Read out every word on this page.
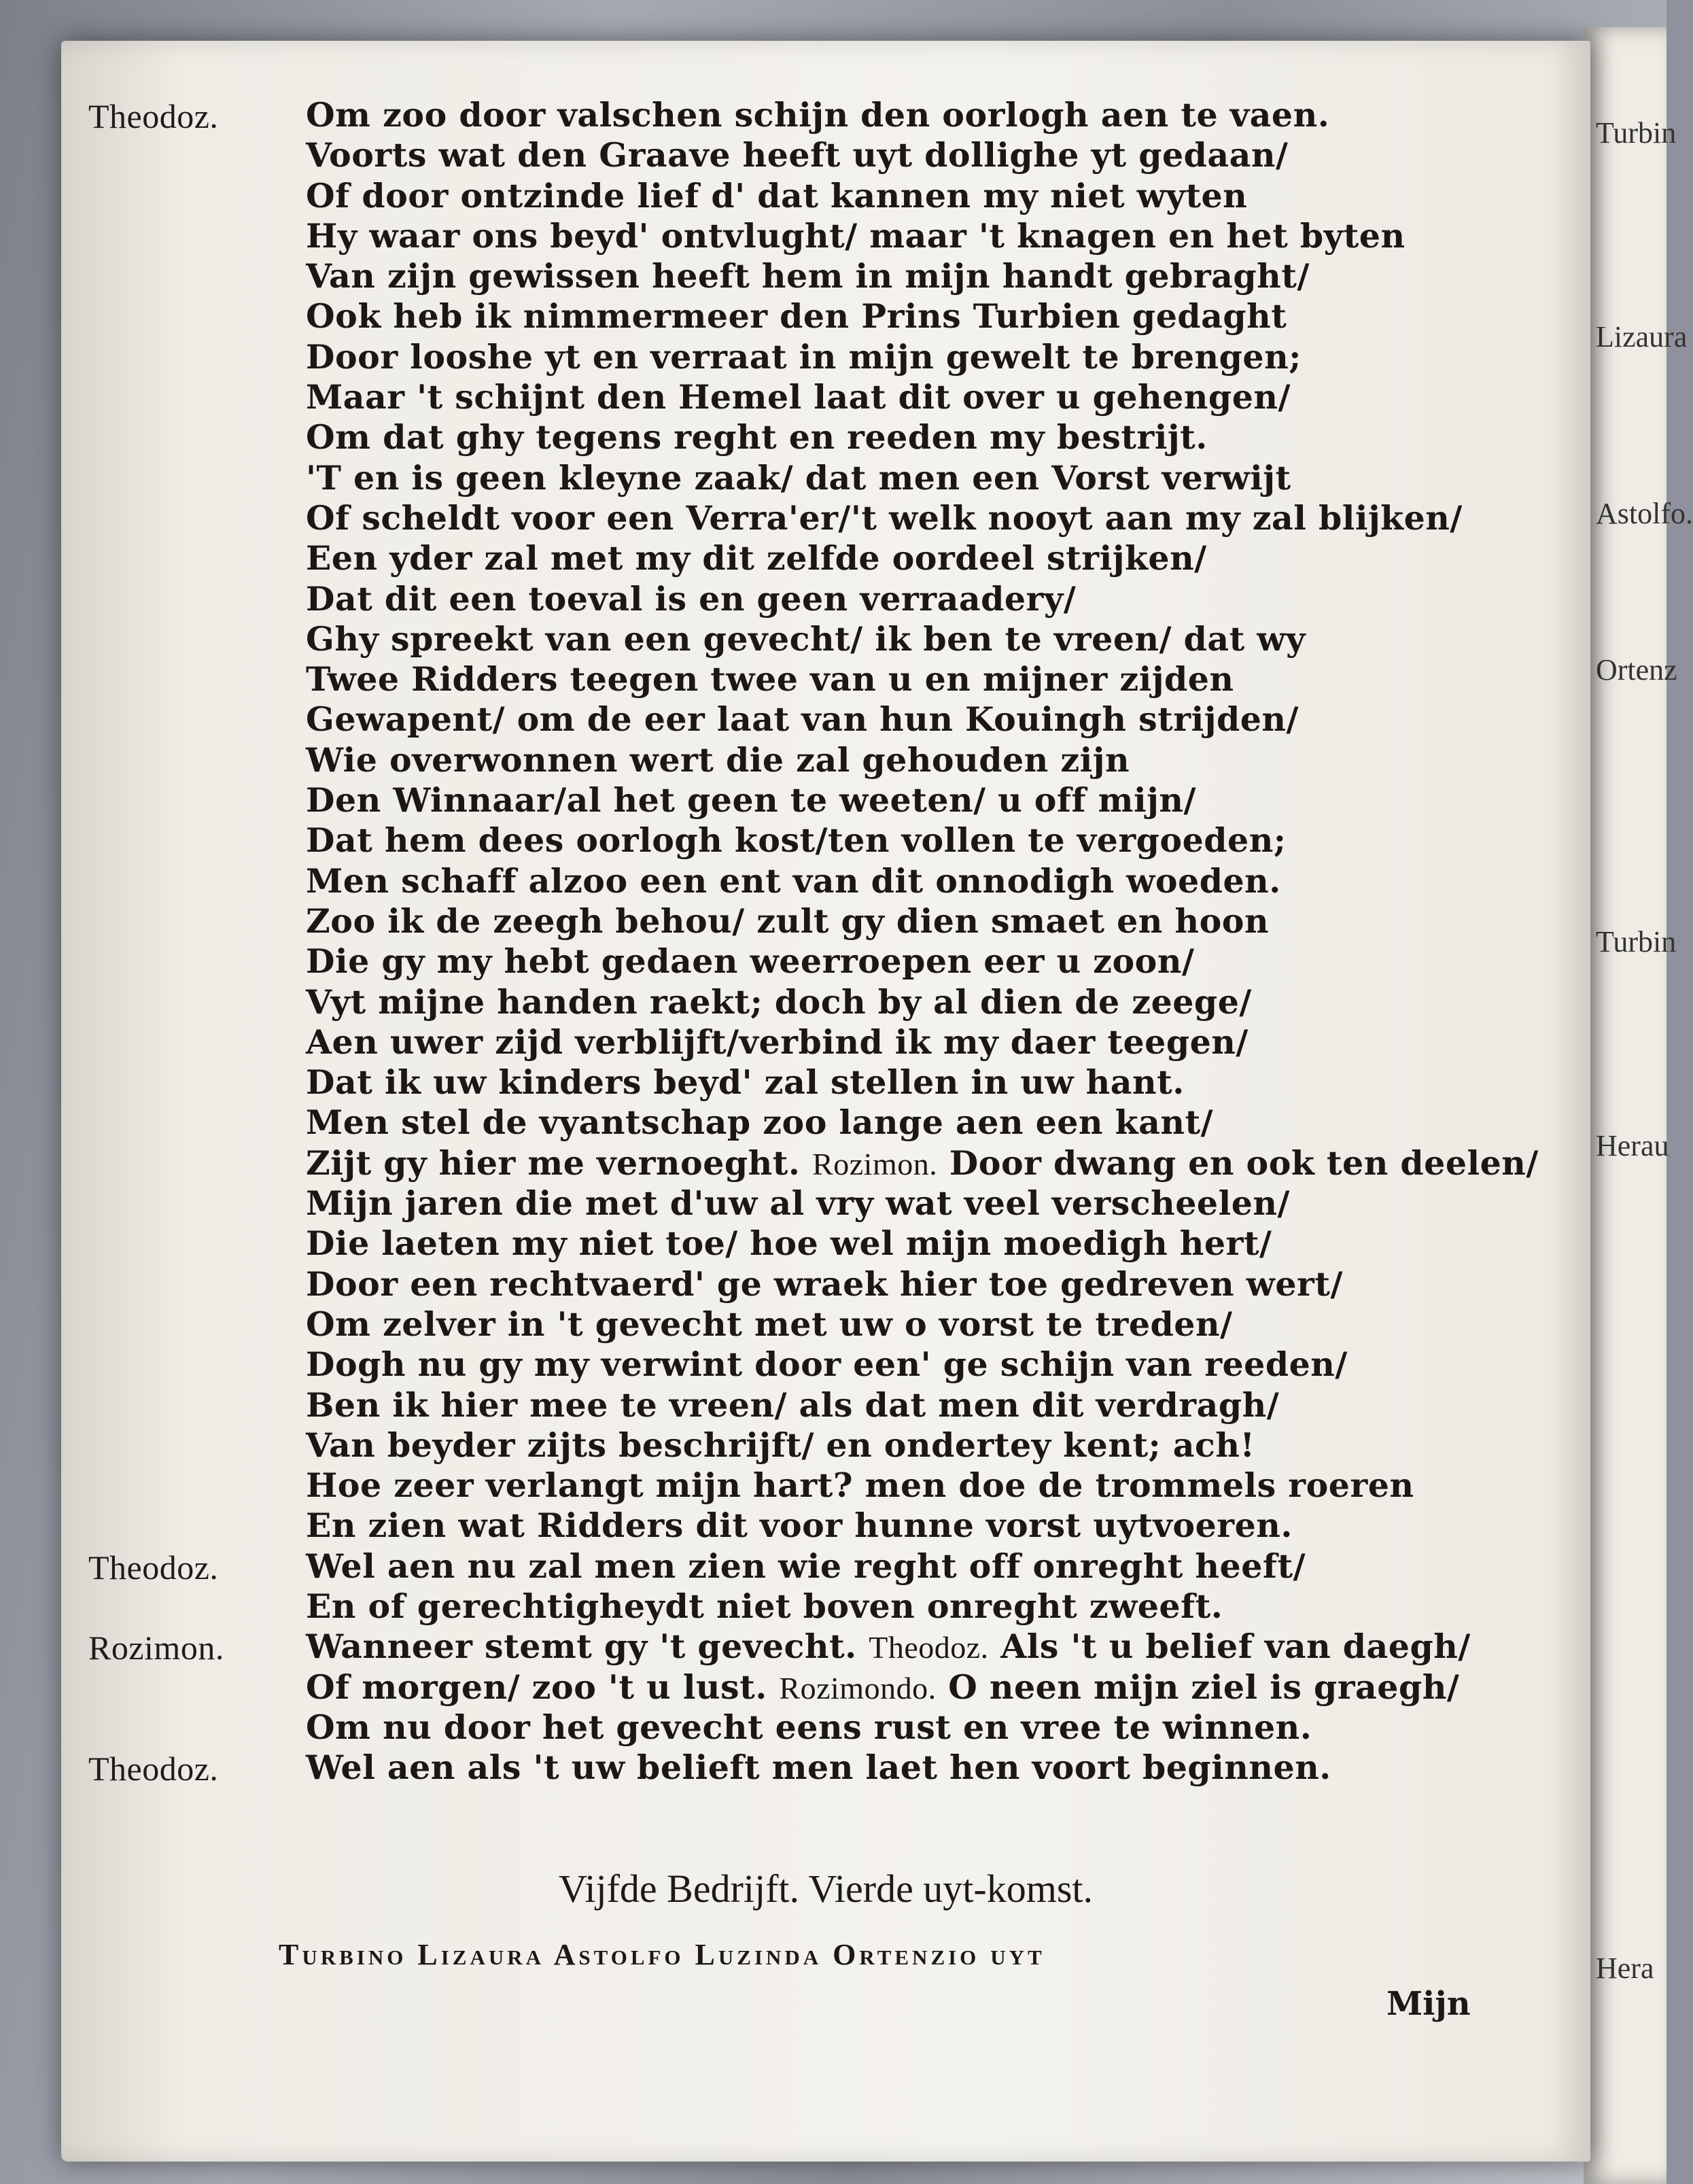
Turbin
Lizaura
Astolfo.
Ortenz
Turbin
Herau
Hera
Theodoz.	Om zoo door valschen schijn den oorlogh aen te vaen.
Voorts wat den Graave heeft uyt dollighe yt gedaan/
Of door ontzinde lief d' dat kannen my niet wyten
Hy waar ons beyd' ontvlught/ maar 't knagen en het byten
Van zijn gewissen heeft hem in mijn handt gebraght/
Ook heb ik nimmermeer den Prins Turbien gedaght
Door looshe yt en verraat in mijn gewelt te brengen;
Maar 't schijnt den Hemel laat dit over u gehengen/
Om dat ghy tegens reght en reeden my bestrijt.
'T en is geen kleyne zaak/ dat men een Vorst verwijt
Of scheldt voor een Verra'er/'t welk nooyt aan my zal blijken/
Een yder zal met my dit zelfde oordeel strijken/
Dat dit een toeval is en geen verraadery/
Ghy spreekt van een gevecht/ ik ben te vreen/ dat wy
Twee Ridders teegen twee van u en mijner zijden
Gewapent/ om de eer laat van hun Kouingh strijden/
Wie overwonnen wert die zal gehouden zijn
Den Winnaar/al het geen te weeten/ u off mijn/
Dat hem dees oorlogh kost/ten vollen te vergoeden;
Men schaff alzoo een ent van dit onnodigh woeden.
Zoo ik de zeegh behou/ zult gy dien smaet en hoon
Die gy my hebt gedaen weerroepen eer u zoon/
Vyt mijne handen raekt; doch by al dien de zeege/
Aen uwer zijd verblijft/verbind ik my daer teegen/
Dat ik uw kinders beyd' zal stellen in uw hant.
Men stel de vyantschap zoo lange aen een kant/
Zijt gy hier me vernoeght. Rozimon. Door dwang en ook ten deelen/
Mijn jaren die met d'uw al vry wat veel verscheelen/
Die laeten my niet toe/ hoe wel mijn moedigh hert/
Door een rechtvaerd' ge wraek hier toe gedreven wert/
Om zelver in 't gevecht met uw o vorst te treden/
Dogh nu gy my verwint door een' ge schijn van reeden/
Ben ik hier mee te vreen/ als dat men dit verdragh/
Van beyder zijts beschrijft/ en ondertey kent; ach!
Hoe zeer verlangt mijn hart? men doe de trommels roeren
En zien wat Ridders dit voor hunne vorst uytvoeren.
Theodoz.	Wel aen nu zal men zien wie reght off onreght heeft/
En of gerechtigheydt niet boven onreght zweeft.
Rozimon. Wanneer stemt gy 't gevecht. Theodoz. Als 't u belief van daegh/
Of morgen/ zoo 't u lust. Rozimondo. O neen mijn ziel is graegh/
Om nu door het gevecht eens rust en vree te winnen.
Theodoz.	Wel aen als 't uw belieft men laet hen voort beginnen.
Vijfde Bedrijft. Vierde uyt-komst.
Turbino Lizaura Astolfo Luzinda Ortenzio uyt
Mijn
